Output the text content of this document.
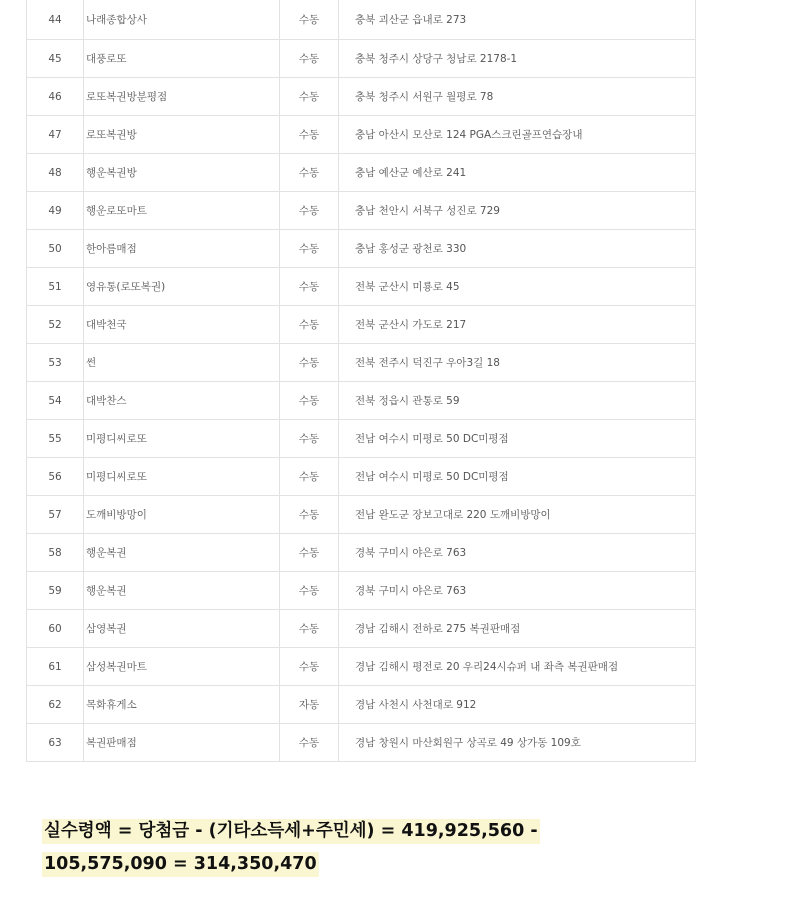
44	나래종합상사	수동	충북 괴산군 읍내로 273
45	대풍로또	수동	충북 청주시 상당구 청남로 2178-1
46	로또복권방분평점	수동	충북 청주시 서원구 월평로 78
47	로또복권방	수동	충남 아산시 모산로 124 PGA스크린골프연습장내
48	행운복권방	수동	충남 예산군 예산로 241
49	행운로또마트	수동	충남 천안시 서북구 성진로 729
50	한아름매점	수동	충남 홍성군 광천로 330
51	영유통(로또복권)	수동	전북 군산시 미룡로 45
52	대박천국	수동	전북 군산시 가도로 217
53	썬	수동	전북 전주시 덕진구 우아3길 18
54	대박찬스	수동	전북 정읍시 관통로 59
55	미평디씨로또	수동	전남 여수시 미평로 50 DC미평점
56	미평디씨로또	수동	전남 여수시 미평로 50 DC미평점
57	도깨비방망이	수동	전남 완도군 장보고대로 220 도깨비방망이
58	행운복권	수동	경북 구미시 야은로 763
59	행운복권	수동	경북 구미시 야은로 763
60	삼영복권	수동	경남 김해시 전하로 275 복권판매점
61	삼성복권마트	수동	경남 김해시 평전로 20 우리24시슈퍼 내 좌측 복권판매점
62	목화휴게소	자동	경남 사천시 사천대로 912
63	복권판매점	수동	경남 창원시 마산회원구 상곡로 49 상가동 109호
실수령액 = 당첨금 - (기타소득세+주민세) = 419,925,560 -
105,575,090 = 314,350,470
